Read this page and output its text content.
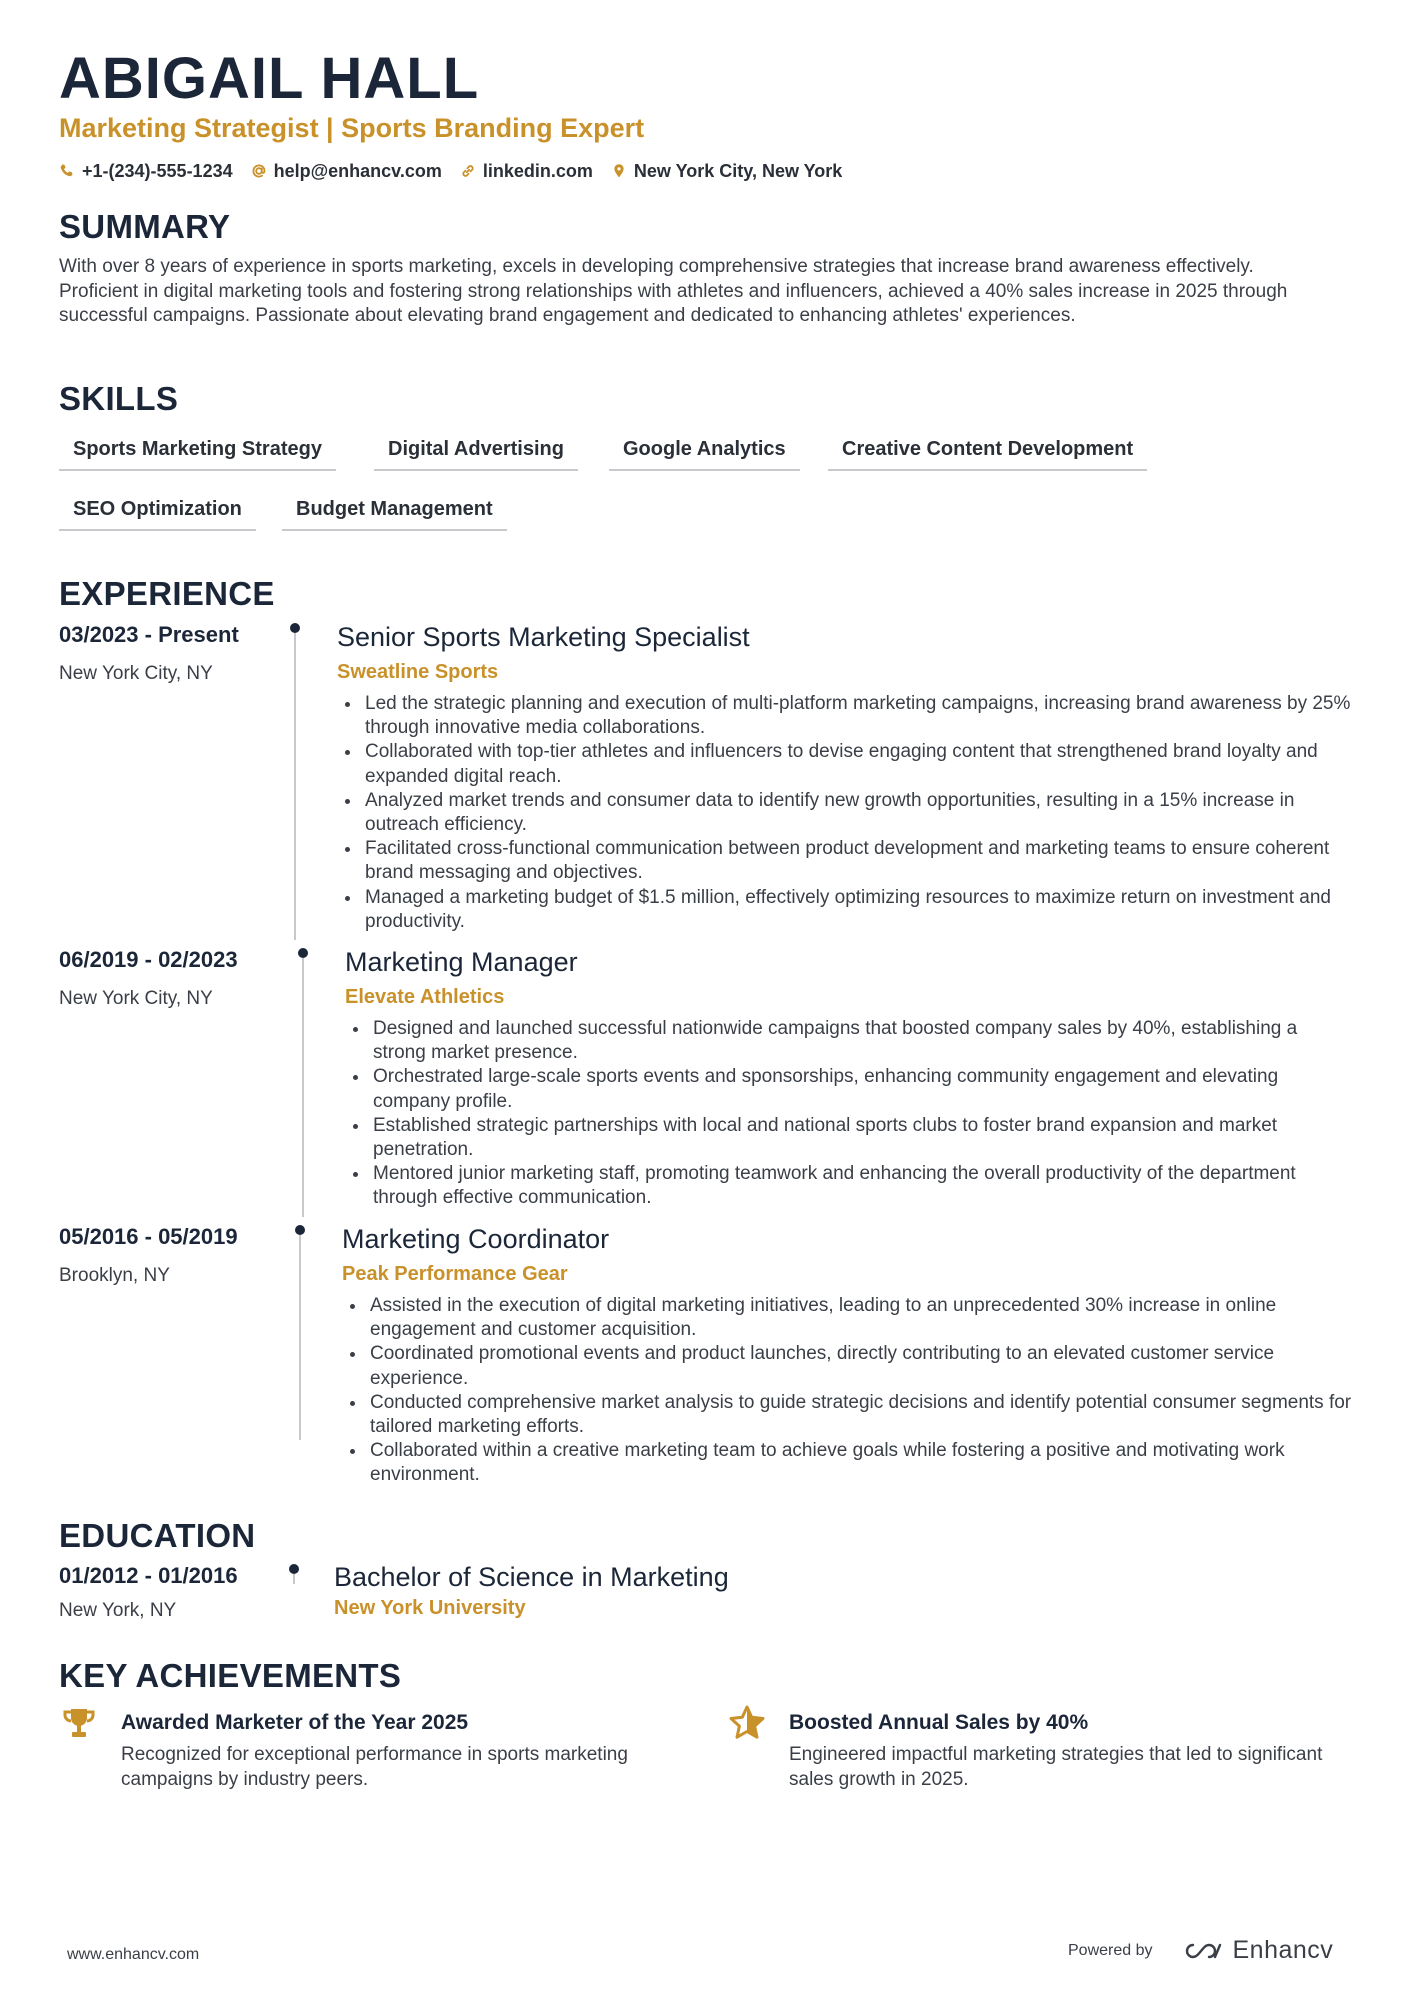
ABIGAIL HALL
Marketing Strategist | Sports Branding Expert
+1-(234)-555-1234 help@enhancv.com linkedin.com New York City, New York
SUMMARY
With over 8 years of experience in sports marketing, excels in developing comprehensive strategies that increase brand awareness effectively. Proficient in digital marketing tools and fostering strong relationships with athletes and influencers, achieved a 40% sales increase in 2025 through successful campaigns. Passionate about elevating brand engagement and dedicated to enhancing athletes' experiences.
SKILLS
Sports Marketing Strategy	Digital Advertising	Google Analytics	Creative Content Development
SEO Optimization	Budget Management
EXPERIENCE
03/2023 - Present
New York City, NY
Senior Sports Marketing Specialist
Sweatline Sports
Led the strategic planning and execution of multi-platform marketing campaigns, increasing brand awareness by 25% through innovative media collaborations.
Collaborated with top-tier athletes and influencers to devise engaging content that strengthened brand loyalty and expanded digital reach.
Analyzed market trends and consumer data to identify new growth opportunities, resulting in a 15% increase in outreach efficiency.
Facilitated cross-functional communication between product development and marketing teams to ensure coherent brand messaging and objectives.
Managed a marketing budget of $1.5 million, effectively optimizing resources to maximize return on investment and productivity.
06/2019 - 02/2023
New York City, NY
Marketing Manager
Elevate Athletics
Designed and launched successful nationwide campaigns that boosted company sales by 40%, establishing a strong market presence.
Orchestrated large-scale sports events and sponsorships, enhancing community engagement and elevating company profile.
Established strategic partnerships with local and national sports clubs to foster brand expansion and market penetration.
Mentored junior marketing staff, promoting teamwork and enhancing the overall productivity of the department through effective communication.
05/2016 - 05/2019
Brooklyn, NY
Marketing Coordinator
Peak Performance Gear
Assisted in the execution of digital marketing initiatives, leading to an unprecedented 30% increase in online engagement and customer acquisition.
Coordinated promotional events and product launches, directly contributing to an elevated customer service experience.
Conducted comprehensive market analysis to guide strategic decisions and identify potential consumer segments for tailored marketing efforts.
Collaborated within a creative marketing team to achieve goals while fostering a positive and motivating work environment.
EDUCATION
01/2012 - 01/2016
New York, NY
Bachelor of Science in Marketing
New York University
KEY ACHIEVEMENTS
Awarded Marketer of the Year 2025
Recognized for exceptional performance in sports marketing campaigns by industry peers.
Boosted Annual Sales by 40%
Engineered impactful marketing strategies that led to significant sales growth in 2025.
www.enhancv.com	Powered by	Enhancv
